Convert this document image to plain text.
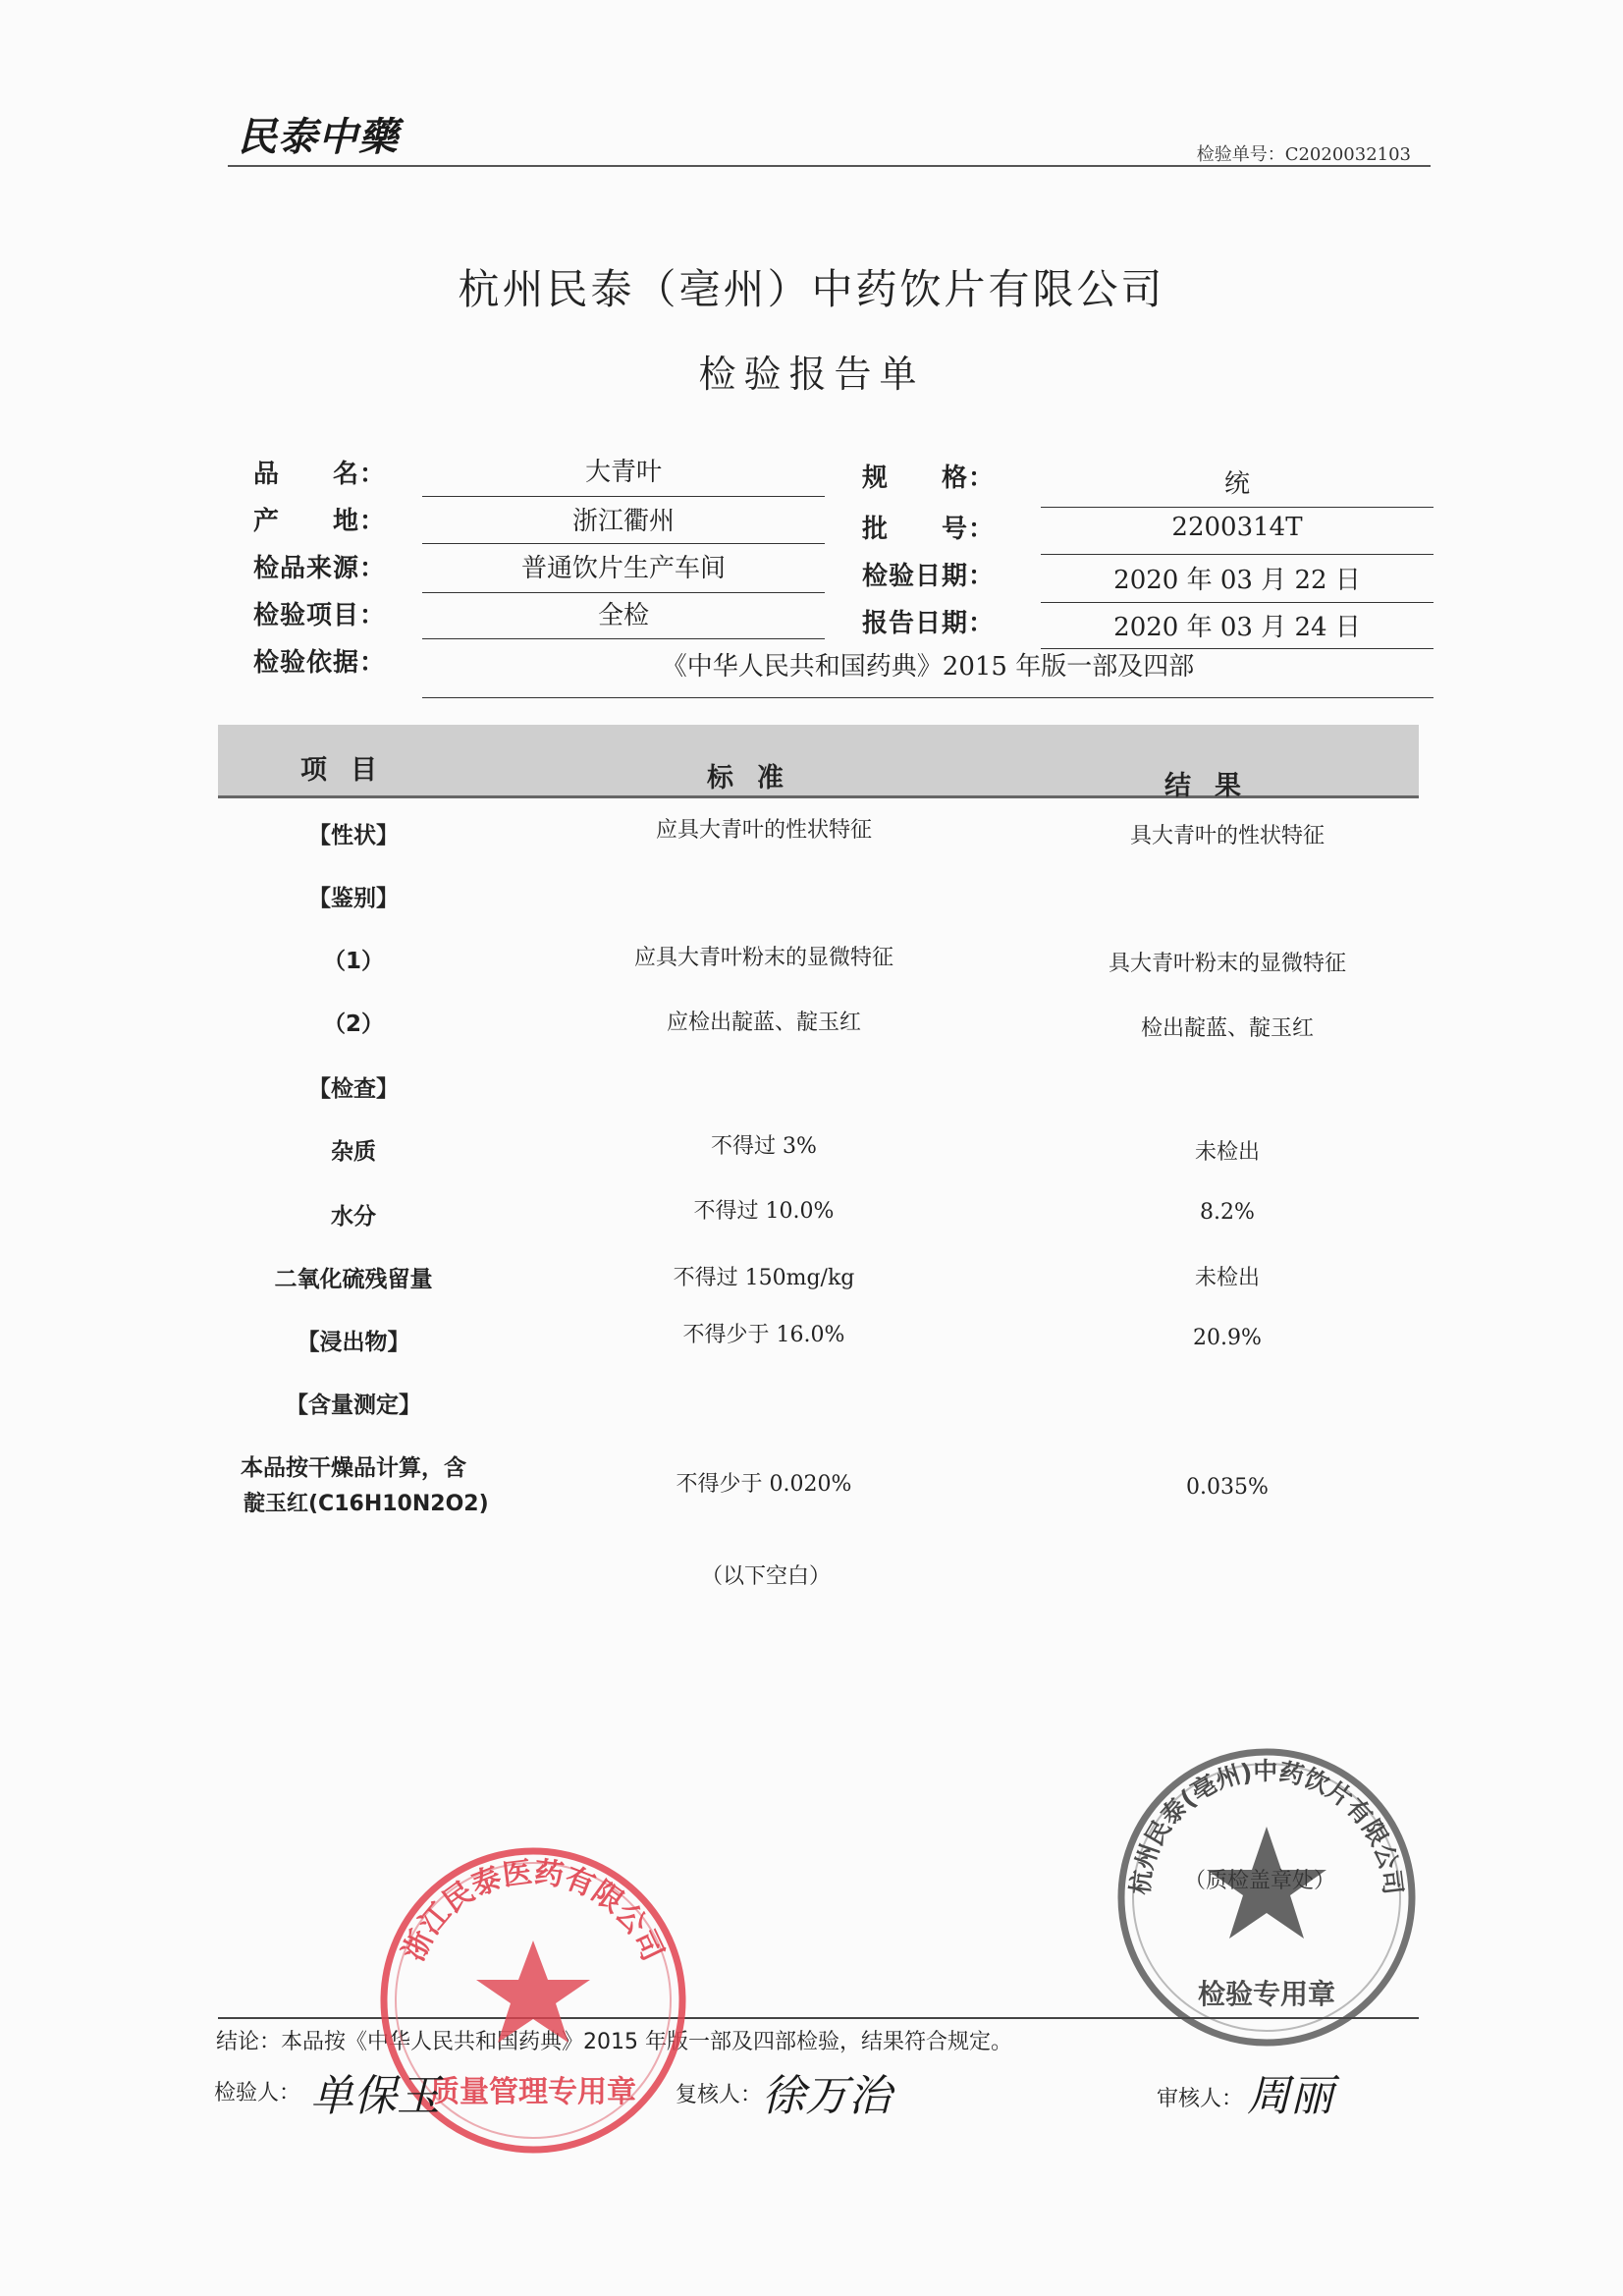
民泰中藥	检验单号：C2020032103
杭州民泰（亳州）中药饮片有限公司
检验报告单
品　　名：	大青叶	规　　格：	统
产　　地：	浙江衢州	批　　号：	2200314T
检品来源：	普通饮片生产车间	检验日期：	2020 年 03 月 22 日
检验项目：	全检	报告日期：	2020 年 03 月 24 日
检验依据：	《中华人民共和国药典》2015 年版一部及四部
项目	标准	结果
【性状】	应具大青叶的性状特征	具大青叶的性状特征
【鉴别】
（1）	应具大青叶粉末的显微特征	具大青叶粉末的显微特征
（2）	应检出靛蓝、靛玉红	检出靛蓝、靛玉红
【检查】
杂质	不得过 3%	未检出
水分	不得过 10.0%	8.2%
二氧化硫残留量	不得过 150mg/kg	未检出
【浸出物】	不得少于 16.0%	20.9%
【含量测定】
本品按干燥品计算，含
靛玉红(C16H10N2O2)
不得少于 0.020%	0.035%
（以下空白）
检验专用章
杭州民泰(亳州)中药饮片有限公司
（质检盖章处）
结论：本品按《中华人民共和国药典》2015 年版一部及四部检验，结果符合规定。
浙江民泰医药有限公司
质量管理专用章
检验人： 单保玉	复核人： 徐万治	审核人： 周丽
